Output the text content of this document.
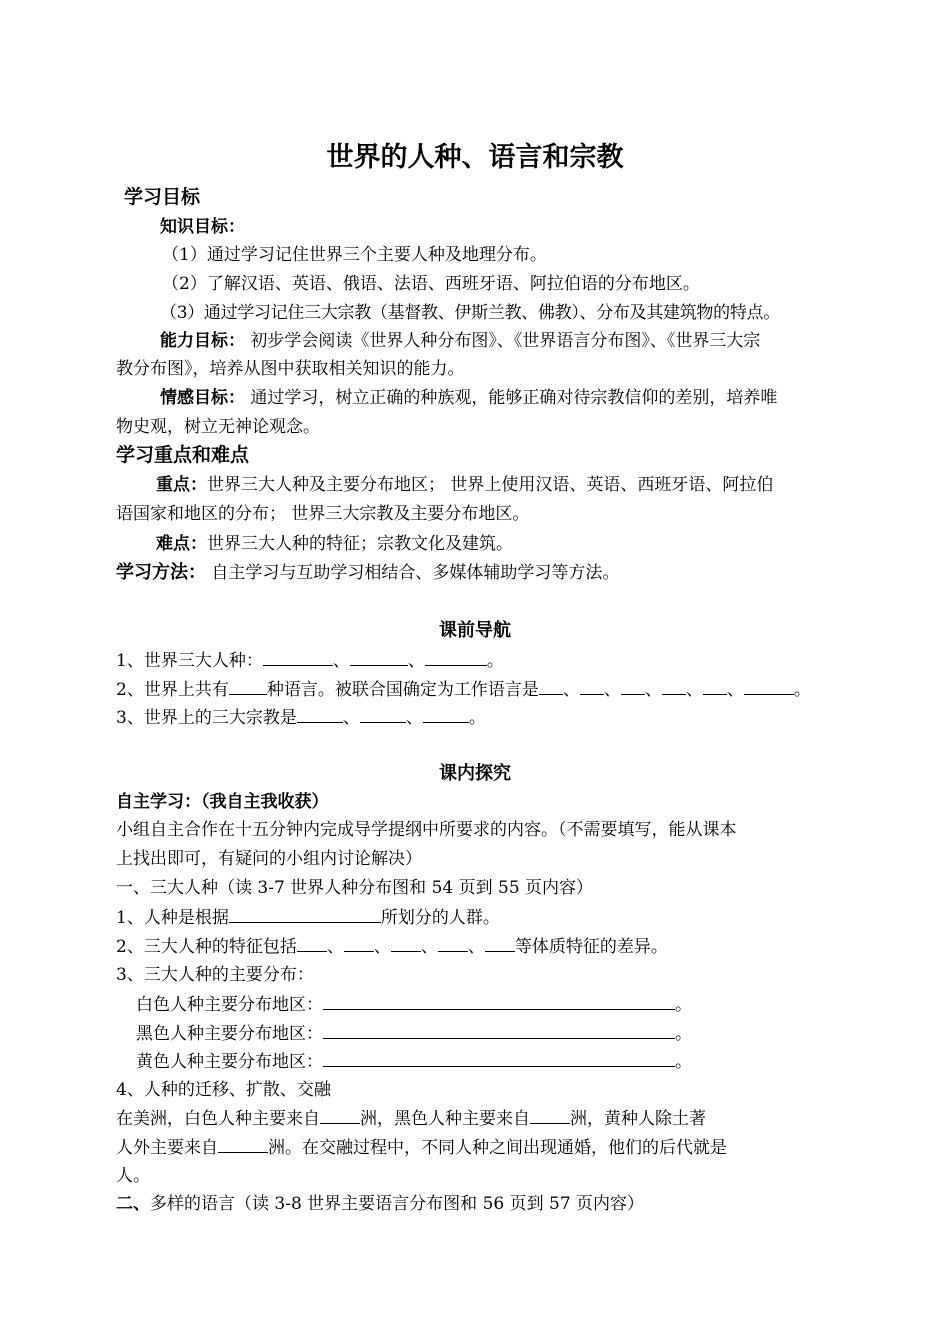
世界的人种、语言和宗教
学习目标
知识目标：
（1）通过学习记住世界三个主要人种及地理分布。
（2）了解汉语、英语、俄语、法语、西班牙语、阿拉伯语的分布地区。
（3）通过学习记住三大宗教（基督教、伊斯兰教、佛教）、分布及其建筑物的特点。
能力目标： 初步学会阅读《世界人种分布图》、《世界语言分布图》、《世界三大宗
教分布图》，培养从图中获取相关知识的能力。
情感目标： 通过学习，树立正确的种族观，能够正确对待宗教信仰的差别，培养唯
物史观，树立无神论观念。
学习重点和难点
重点：世界三大人种及主要分布地区； 世界上使用汉语、英语、西班牙语、阿拉伯
语国家和地区的分布； 世界三大宗教及主要分布地区。
难点：世界三大人种的特征；宗教文化及建筑。
学习方法： 自主学习与互助学习相结合、多媒体辅助学习等方法。
课前导航
1、世界三大人种：	、	、	。
2、世界上共有 种语言。被联合国确定为工作语言是 、 、 、 、 、	。
3、世界上的三大宗教是	、	、	。
课内探究
自主学习：（我自主我收获）
小组自主合作在十五分钟内完成导学提纲中所要求的内容。（不需要填写，能从课本
上找出即可，有疑问的小组内讨论解决）
一、三大人种（读 3-7 世界人种分布图和 54 页到 55 页内容）
1、人种是根据	所划分的人群。
2、三大人种的特征包括 、 、 、 、 等体质特征的差异。
3、三大人种的主要分布：
白色人种主要分布地区：	。
黑色人种主要分布地区：	。
黄色人种主要分布地区：	。
4、人种的迁移、扩散、交融
在美洲，白色人种主要来自 洲，黑色人种主要来自 洲，黄种人除土著
人外主要来自	洲。在交融过程中，不同人种之间出现通婚，他们的后代就是
人。
二、多样的语言（读 3-8 世界主要语言分布图和 56 页到 57 页内容）
